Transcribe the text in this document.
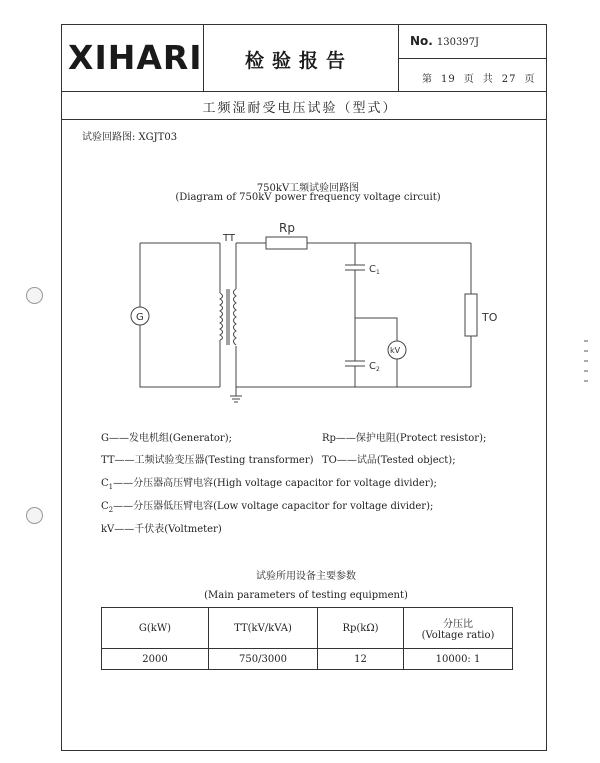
XIHARI 检验报告
No. 130397J
第 19 页 共 27 页
工频湿耐受电压试验（型式）
试验回路图: XGJT03
750kV工频试验回路图
(Diagram of 750kV power frequency voltage circuit)
TT
Rp
G
C 1
C 2
kV
TO
G——发电机组(Generator);	Rp——保护电阻(Protect resistor);
TT——工频试验变压器(Testing transformer) TO——试品(Tested object);
$C_1——$分压器高压臂电容(High voltage capacitor for voltage divider);
$C_2——$分压器低压臂电容(Low voltage capacitor for voltage divider);
kV——千伏表(Voltmeter)
试验所用设备主要参数
(Main parameters of testing equipment)
G(kW)	TT(kV/kVA)	Rp(kΩ)	分压比
(Voltage ratio)

2000	750/3000	12	10000: 1
